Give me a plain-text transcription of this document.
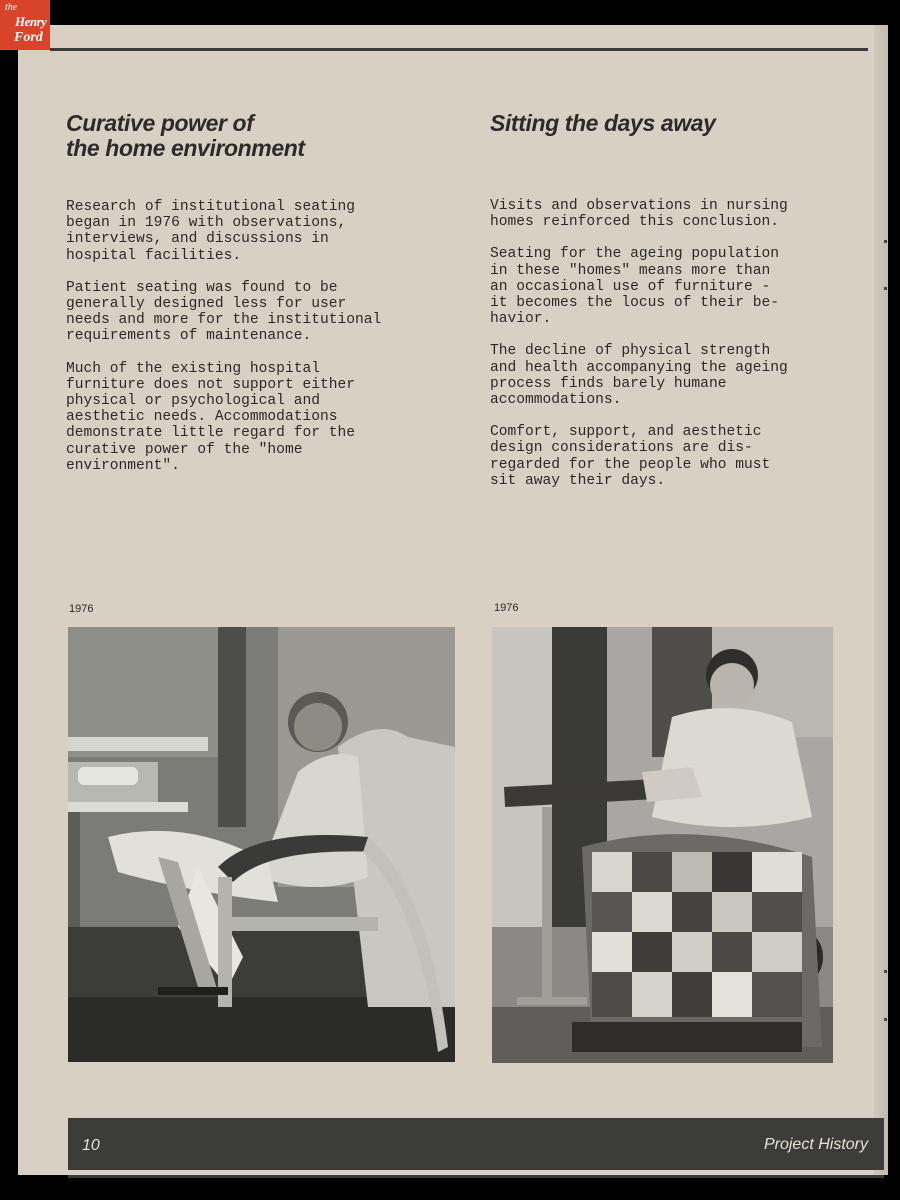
Curative power of
the home environment
Sitting the days away

Research of institutional seating
began in 1976 with observations,
interviews, and discussions in
hospital facilities.

Patient seating was found to be
generally designed less for user
needs and more for the institutional
requirements of maintenance.

Much of the existing hospital
furniture does not support either
physical or psychological and
aesthetic needs. Accommodations
demonstrate little regard for the
curative power of the "home
environment".

Visits and observations in nursing
homes reinforced this conclusion.

Seating for the ageing population
in these "homes" means more than
an occasional use of furniture -
it becomes the locus of their be-
havior.

The decline of physical strength
and health accompanying the ageing
process finds barely humane
accommodations.

Comfort, support, and aesthetic
design considerations are dis-
regarded for the people who must
sit away their days.

1976	1976
10	Project History
the
Henry
Ford
